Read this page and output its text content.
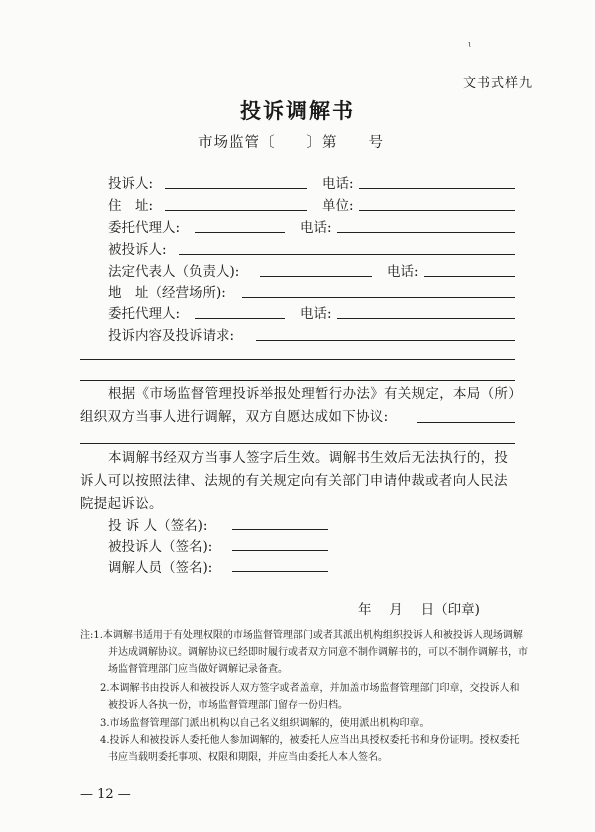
ɩ
文书式样九
投诉调解书
市场监管〔　　〕第　　号
投诉人:	电话:
住　址:	单位:
委托代理人:	电话:
被投诉人:
法定代表人（负责人):	电话:
地　址（经营场所):
委托代理人:	电话:
投诉内容及投诉请求:
根据《市场监督管理投诉举报处理暂行办法》有关规定，本局（所）组织双方当事人进行调解，双方自愿达成如下协议:
本调解书经双方当事人签字后生效。调解书生效后无法执行的，投诉人可以按照法律、法规的有关规定向有关部门申请仲裁或者向人民法院提起诉讼。
投 诉 人（签名):
被投诉人（签名):
调解人员（签名):
年　 月　 日（印章)
注:1.本调解书适用于有处理权限的市场监督管理部门或者其派出机构组织投诉人和被投诉人现场调解并达成调解协议。调解协议已经即时履行或者双方同意不制作调解书的，可以不制作调解书，市场监督管理部门应当做好调解记录备查。
2.本调解书由投诉人和被投诉人双方签字或者盖章，并加盖市场监督管理部门印章，交投诉人和被投诉人各执一份，市场监督管理部门留存一份归档。
3.市场监督管理部门派出机构以自己名义组织调解的，使用派出机构印章。
4.投诉人和被投诉人委托他人参加调解的，被委托人应当出具授权委托书和身份证明。授权委托书应当载明委托事项、权限和期限，并应当由委托人本人签名。
— 12 —
